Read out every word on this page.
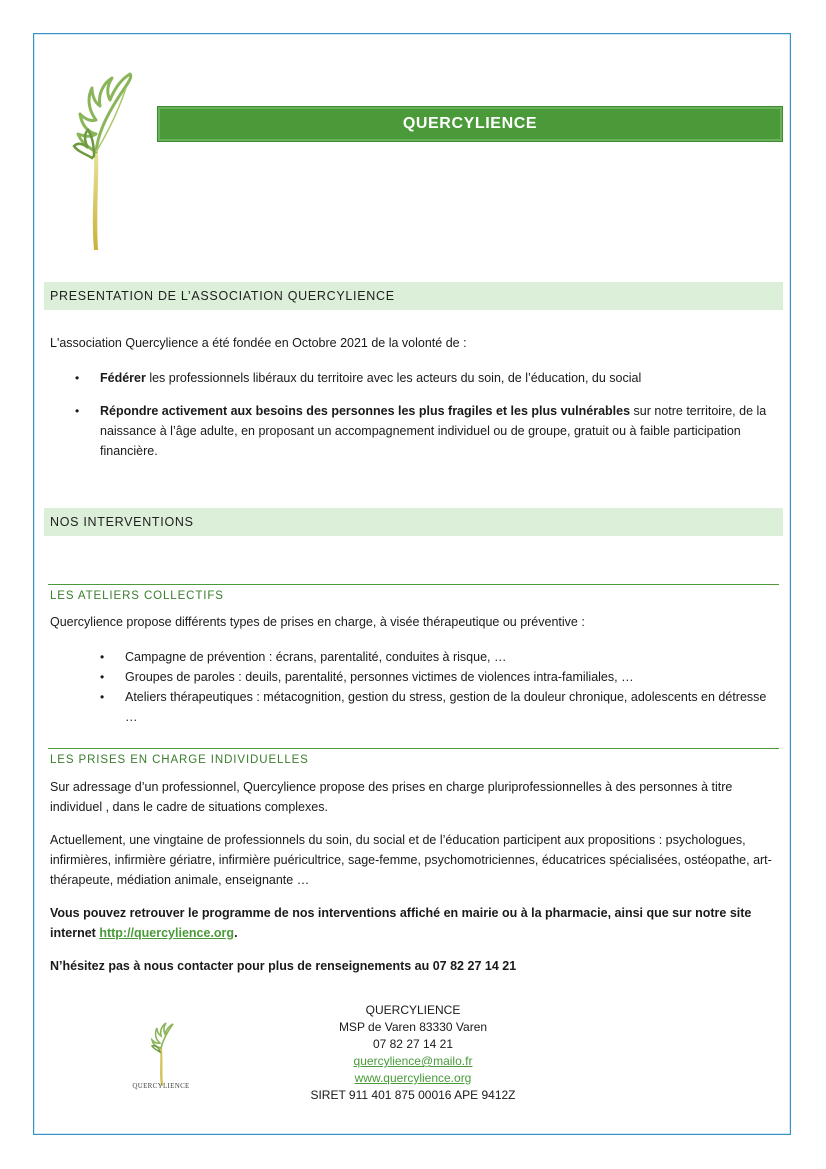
QUERCYLIENCE
PRESENTATION DE L’ASSOCIATION QUERCYLIENCE
L'association Quercylience a été fondée en Octobre 2021 de la volonté de :
• Fédérer les professionnels libéraux du territoire avec les acteurs du soin, de l’éducation, du social
• Répondre activement aux besoins des personnes les plus fragiles et les plus vulnérables sur notre territoire, de la naissance à l’âge adulte, en proposant un accompagnement individuel ou de groupe, gratuit ou à faible participation financière.
NOS INTERVENTIONS
LES ATELIERS COLLECTIFS
Quercylience propose différents types de prises en charge, à visée thérapeutique ou préventive :
• Campagne de prévention : écrans, parentalité, conduites à risque, …
• Groupes de paroles : deuils, parentalité, personnes victimes de violences intra-familiales, …
• Ateliers thérapeutiques : métacognition, gestion du stress, gestion de la douleur chronique, adolescents en détresse …
LES PRISES EN CHARGE INDIVIDUELLES
Sur adressage d’un professionnel, Quercylience propose des prises en charge pluriprofessionnelles à des personnes à titre individuel , dans le cadre de situations complexes.
Actuellement, une vingtaine de professionnels du soin, du social et de l’éducation participent aux propositions : psychologues, infirmières, infirmière gériatre, infirmière puéricultrice, sage-femme, psychomotriciennes, éducatrices spécialisées, ostéopathe, art-thérapeute, médiation animale, enseignante …
Vous pouvez retrouver le programme de nos interventions affiché en mairie ou à la pharmacie, ainsi que sur notre site internet http://quercylience.org.
N’hésitez pas à nous contacter pour plus de renseignements au 07 82 27 14 21
QUERCYLIENCE
QUERCYLIENCE
MSP de Varen 83330 Varen
07 82 27 14 21
quercylience@mailo.fr
www.quercylience.org
SIRET 911 401 875 00016 APE 9412Z
